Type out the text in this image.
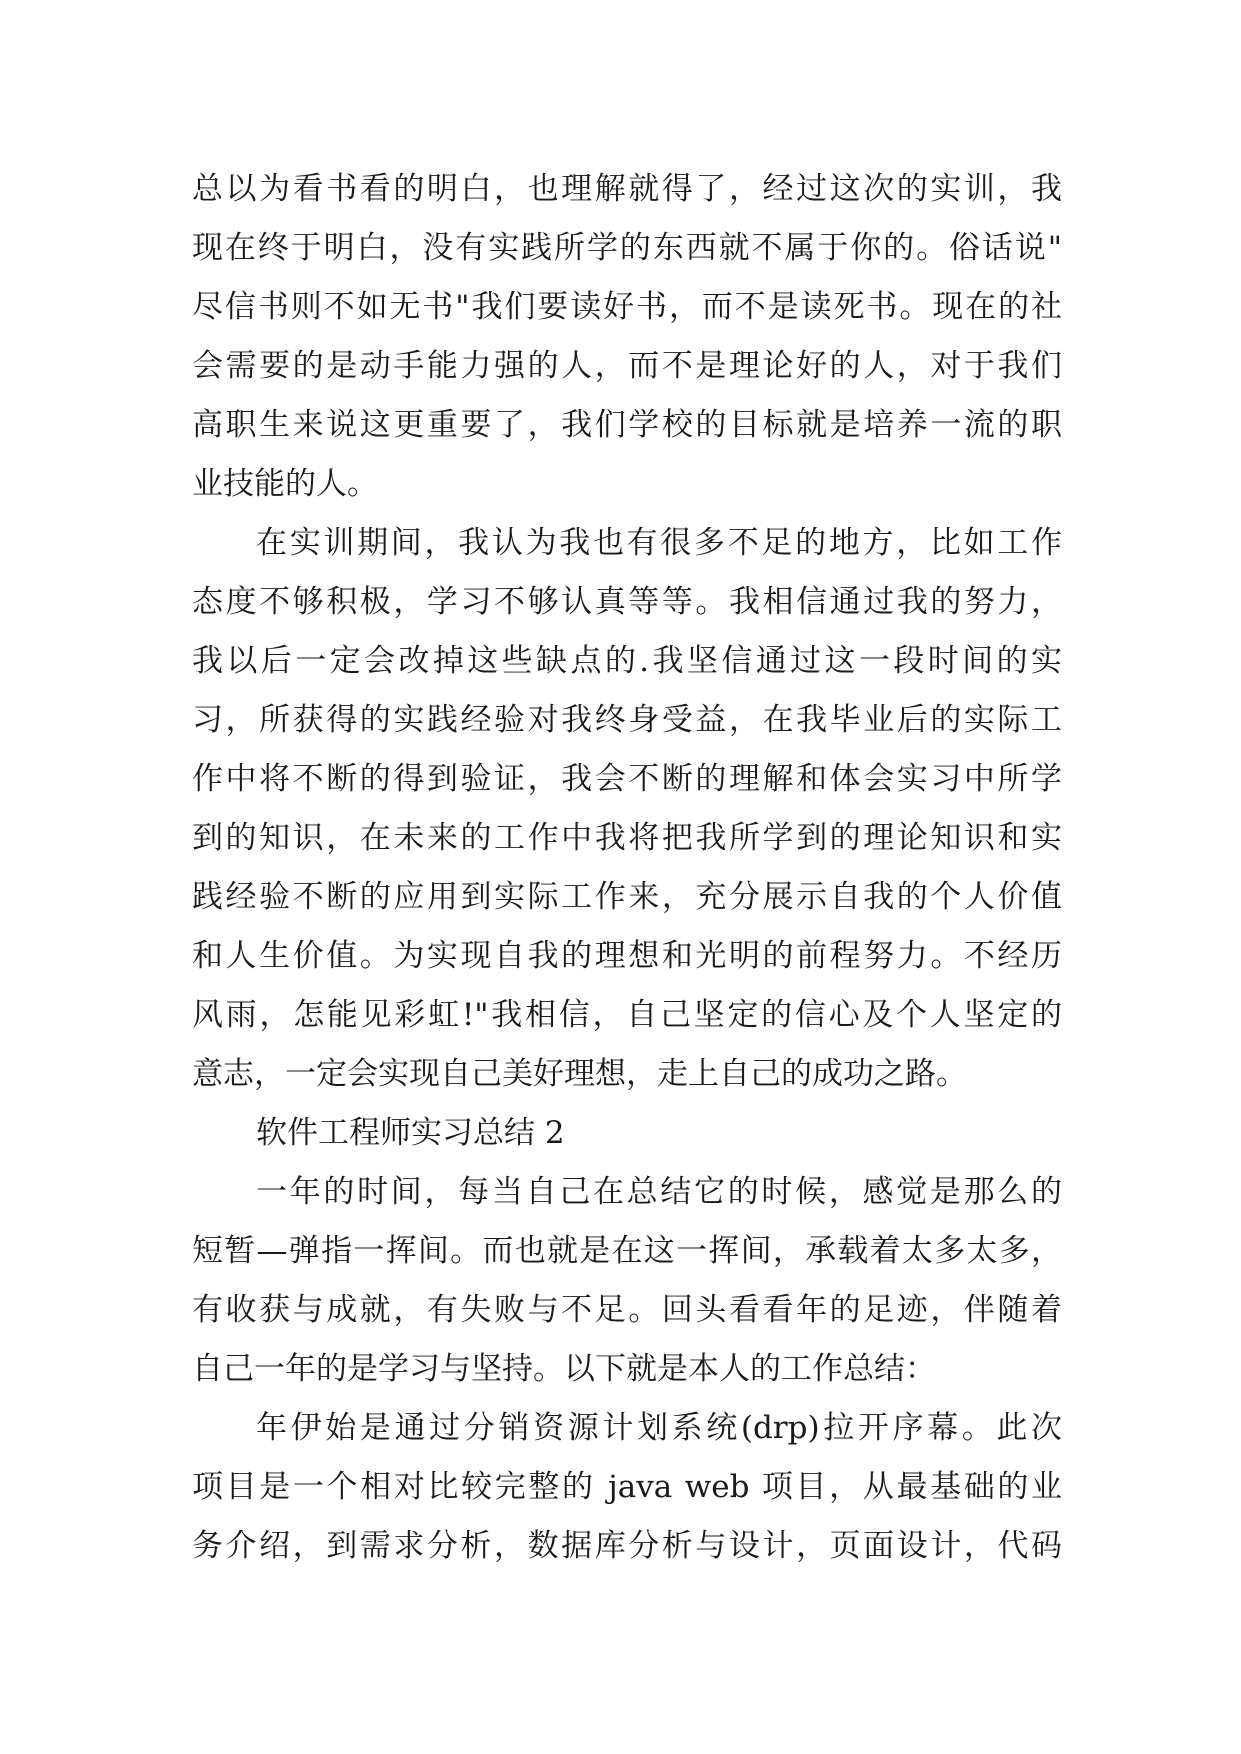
总以为看书看的明白，也理解就得了，经过这次的实训，我
现在终于明白，没有实践所学的东西就不属于你的。俗话说"
尽信书则不如无书"我们要读好书，而不是读死书。现在的社
会需要的是动手能力强的人，而不是理论好的人，对于我们
高职生来说这更重要了，我们学校的目标就是培养一流的职
业技能的人。
在实训期间，我认为我也有很多不足的地方，比如工作
态度不够积极，学习不够认真等等。我相信通过我的努力，
我以后一定会改掉这些缺点的.我坚信通过这一段时间的实
习，所获得的实践经验对我终身受益，在我毕业后的实际工
作中将不断的得到验证，我会不断的理解和体会实习中所学
到的知识，在未来的工作中我将把我所学到的理论知识和实
践经验不断的应用到实际工作来，充分展示自我的个人价值
和人生价值。为实现自我的理想和光明的前程努力。不经历
风雨，怎能见彩虹!"我相信，自己坚定的信心及个人坚定的
意志，一定会实现自己美好理想，走上自己的成功之路。
软件工程师实习总结 2
一年的时间，每当自己在总结它的时候，感觉是那么的
短暂—弹指一挥间。而也就是在这一挥间，承载着太多太多，
有收获与成就，有失败与不足。回头看看年的足迹，伴随着
自己一年的是学习与坚持。以下就是本人的工作总结：
年伊始是通过分销资源计划系统(drp)拉开序幕。此次
项目是一个相对比较完整的 java web 项目，从最基础的业
务介绍，到需求分析，数据库分析与设计，页面设计，代码
